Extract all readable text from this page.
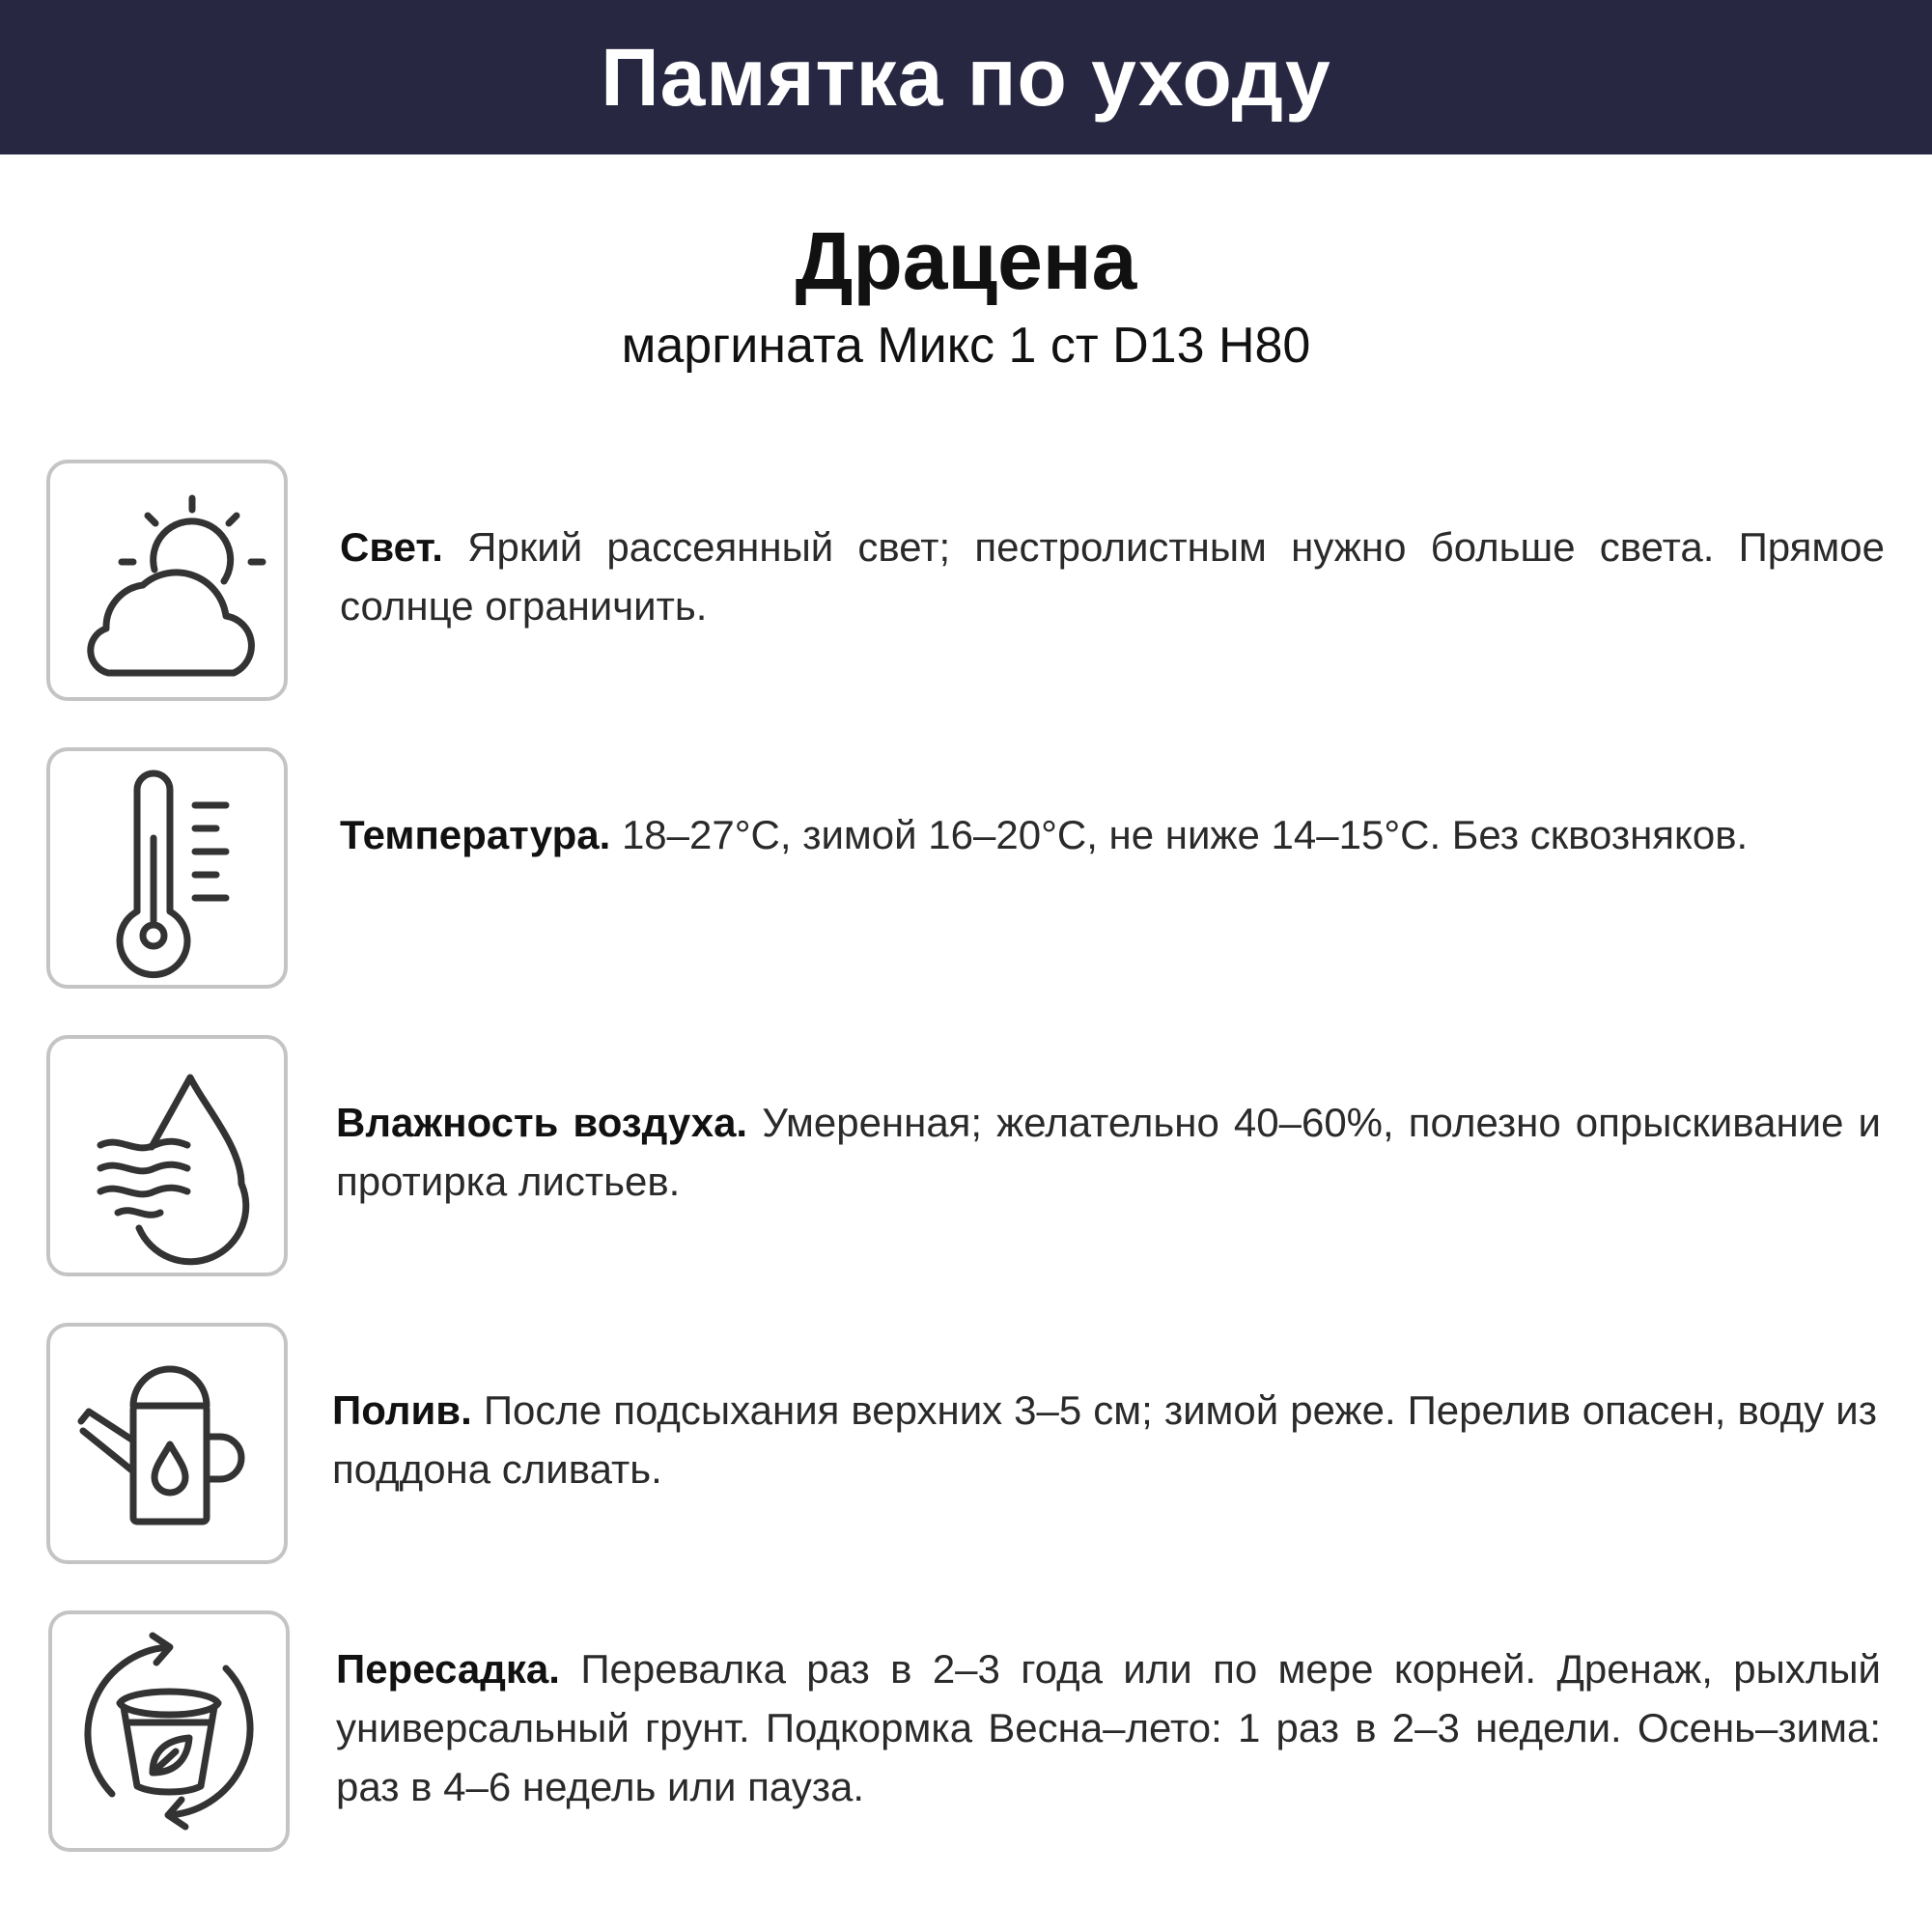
Памятка по уходу
Драцена
маргината Микс 1 ст D13 H80
Свет. Яркий рассеянный свет; пестролистным нужно больше света. Прямое солнце ограничить.
Температура. 18–27°C, зимой 16–20°C, не ниже 14–15°C. Без сквозняков.
Влажность воздуха. Умеренная; желательно 40–60%, полезно опрыскивание и протирка листьев.
Полив. После подсыхания верхних 3–5 см; зимой реже. Перелив опасен, воду из поддона сливать.
Пересадка. Перевалка раз в 2–3 года или по мере корней. Дренаж, рыхлый универсальный грунт. Подкормка Весна–лето: 1 раз в 2–3 недели. Осень–зима: раз в 4–6 недель или пауза.
